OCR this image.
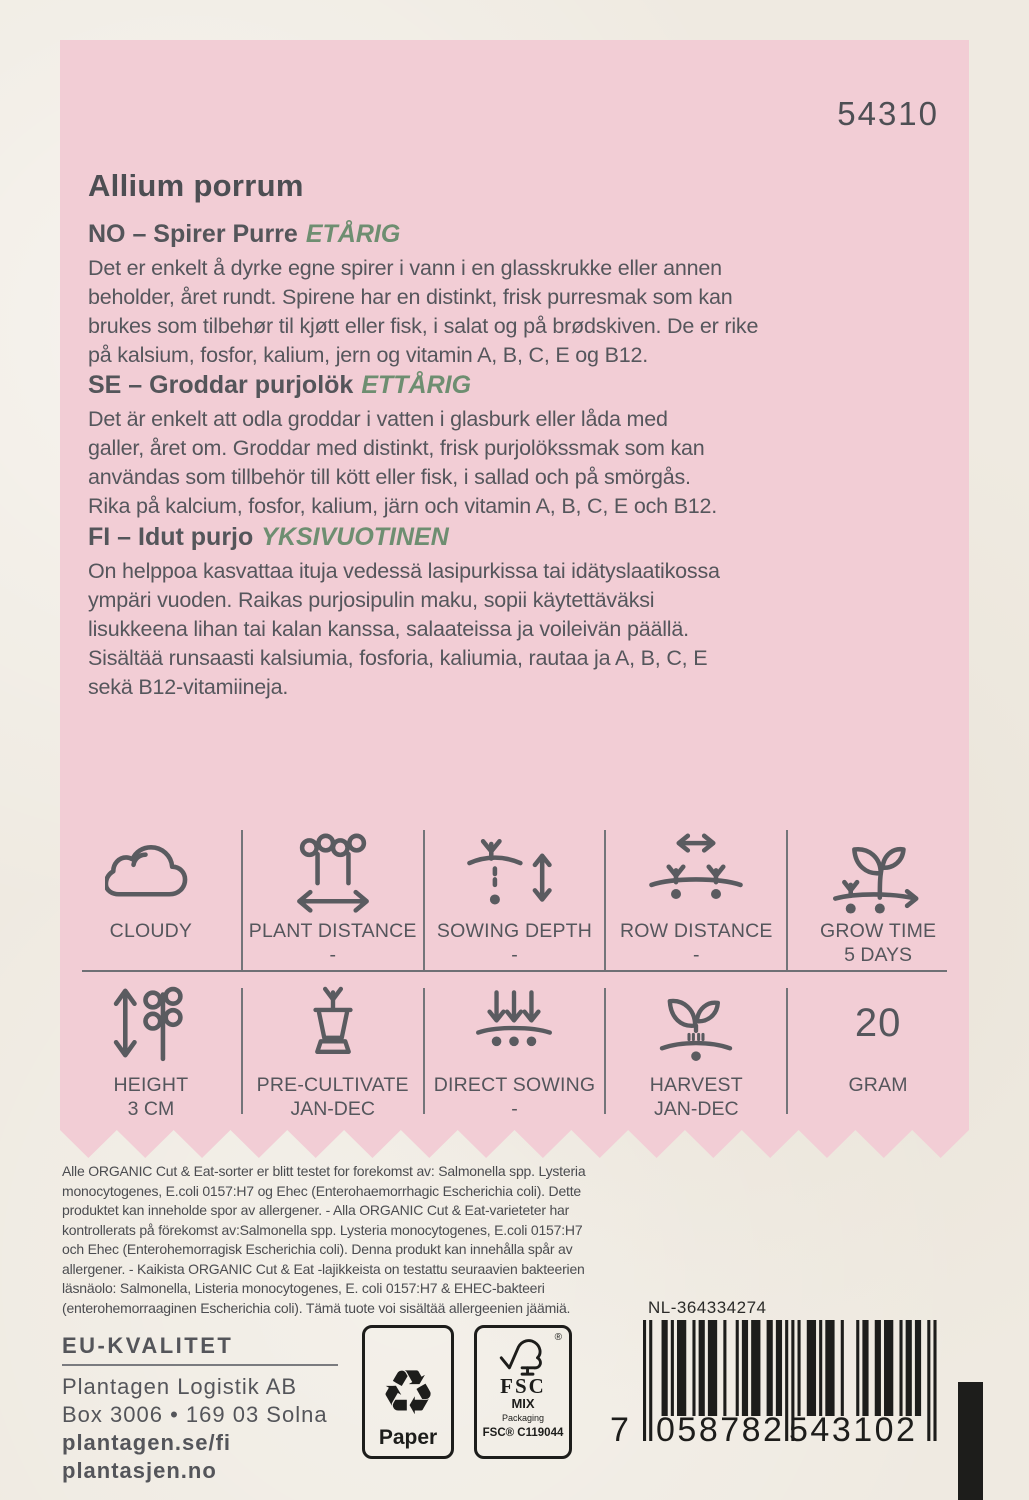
54310
Allium porrum
NO – Spirer Purre ETÅRIG
Det er enkelt å dyrke egne spirer i vann i en glasskrukke eller annen
beholder, året rundt. Spirene har en distinkt, frisk purresmak som kan
brukes som tilbehør til kjøtt eller fisk, i salat og på brødskiven. De er rike
på kalsium, fosfor, kalium, jern og vitamin A, B, C, E og B12.
SE – Groddar purjolök ETTÅRIG
Det är enkelt att odla groddar i vatten i glasburk eller låda med
galler, året om. Groddar med distinkt, frisk purjolökssmak som kan
användas som tillbehör till kött eller fisk, i sallad och på smörgås.
Rika på kalcium, fosfor, kalium, järn och vitamin A, B, C, E och B12.
FI – Idut purjo YKSIVUOTINEN
On helppoa kasvattaa ituja vedessä lasipurkissa tai idätyslaatikossa
ympäri vuoden. Raikas purjosipulin maku, sopii käytettäväksi
lisukkeena lihan tai kalan kanssa, salaateissa ja voileivän päällä.
Sisältää runsaasti kalsiumia, fosforia, kaliumia, rautaa ja A, B, C, E
sekä B12-vitamiineja.
CLOUDY	PLANT DISTANCE
-
SOWING DEPTH
-
ROW DISTANCE
-
GROW TIME
5 DAYS
HEIGHT
3 CM
PRE-CULTIVATE
JAN-DEC
DIRECT SOWING
-
HARVEST
JAN-DEC
20
GRAM
Alle ORGANIC Cut & Eat-sorter er blitt testet for forekomst av: Salmonella spp. Lysteria
monocytogenes, E.coli 0157:H7 og Ehec (Enterohaemorrhagic Escherichia coli). Dette
produktet kan inneholde spor av allergener. - Alla ORGANIC Cut & Eat-varieteter har
kontrollerats på förekomst av:Salmonella spp. Lysteria monocytogenes, E.coli 0157:H7
och Ehec (Enterohemorragisk Escherichia coli). Denna produkt kan innehålla spår av
allergener. - Kaikista ORGANIC Cut & Eat -lajikkeista on testattu seuraavien bakteerien
läsnäolo: Salmonella, Listeria monocytogenes, E. coli 0157:H7 & EHEC-bakteeri
(enterohemorraaginen Escherichia coli). Tämä tuote voi sisältää allergeenien jäämiä.
EU-KVALITET
Plantagen Logistik AB
Box 3006 • 169 03 Solna
plantagen.se/fi
plantasjen.no
♻
Paper
®
FSC
MIX
Packaging
FSC® C119044
NL-364334274
7 058782 543102
